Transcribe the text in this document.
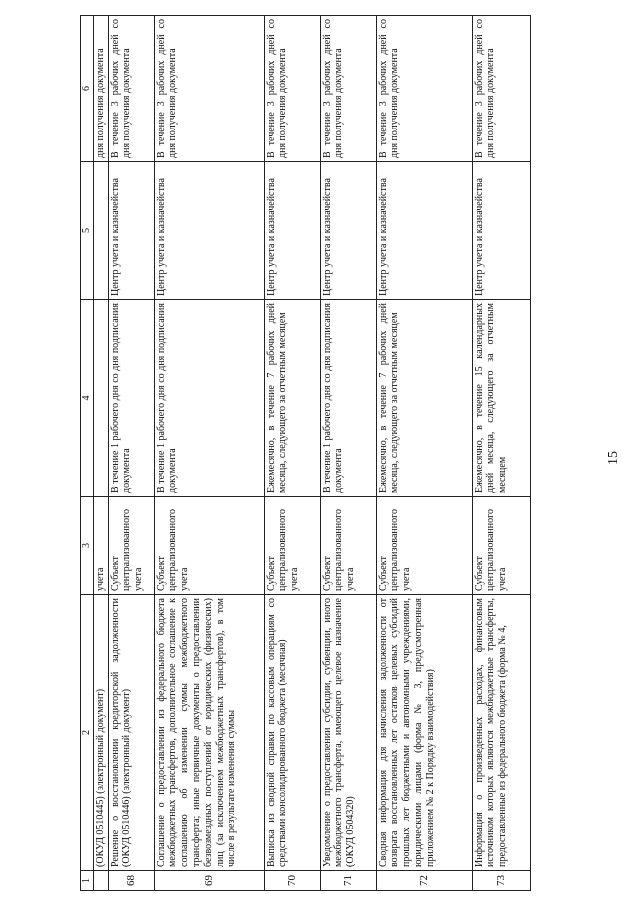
15
1	2	3	4	5	6
	(ОКУД 0510445) (электронный документ)	учета			дня получения документа
68	Решение о восстановлении кредиторской задолженности (ОКУД 0510446) (электронный документ)	Субъект централизованного учета	В течение 1 рабочего дня со дня подписания документа	Центр учета и казначейства	В течение 3 рабочих дней со дня получения документа
69	Соглашение о предоставлении из федерального бюджета межбюджетных трансфертов, дополнительное соглашение к соглашению об изменении суммы межбюджетного трансферта; иные первичные документы о предоставлении безвозмездных поступлений от юридических (физических) лиц (за исключением межбюджетных трансфертов), в том числе в результате изменения суммы	Субъект централизованного учета	В течение 1 рабочего дня со дня подписания документа	Центр учета и казначейства	В течение 3 рабочих дней со дня получения документа
70	Выписка из сводной справки по кассовым операциям со средствами консолидированного бюджета (месячная)	Субъект централизованного учета	Ежемесячно, в течение 7 рабочих дней месяца, следующего за отчетным месяцем	Центр учета и казначейства	В течение 3 рабочих дней со дня получения документа
71	Уведомление о предоставлении субсидии, субвенции, иного межбюджетного трансферта, имеющего целевое назначение (ОКУД 0504320)	Субъект централизованного учета	В течение 1 рабочего дня со дня подписания документа	Центр учета и казначейства	В течение 3 рабочих дней со дня получения документа
72	Сводная информация для начисления задолженности от возврата восстановленных лет остатков целевых субсидий прошлых лет бюджетными и автономными учреждениями, юридическими лицами (форма № 3, предусмотренная приложением № 2 к Порядку взаимодействия)	Субъект централизованного учета	Ежемесячно, в течение 7 рабочих дней месяца, следующего за отчетным месяцем	Центр учета и казначейства	В течение 3 рабочих дней со дня получения документа
73	Информация о произведенных расходах, финансовым источником которых являются межбюджетные трансферты, предоставленные из федерального бюджета (форма № 4,	Субъект централизованного учета	Ежемесячно, в течение 15 календарных дней месяца, следующего за отчетным месяцем	Центр учета и казначейства	В течение 3 рабочих дней со дня получения документа
